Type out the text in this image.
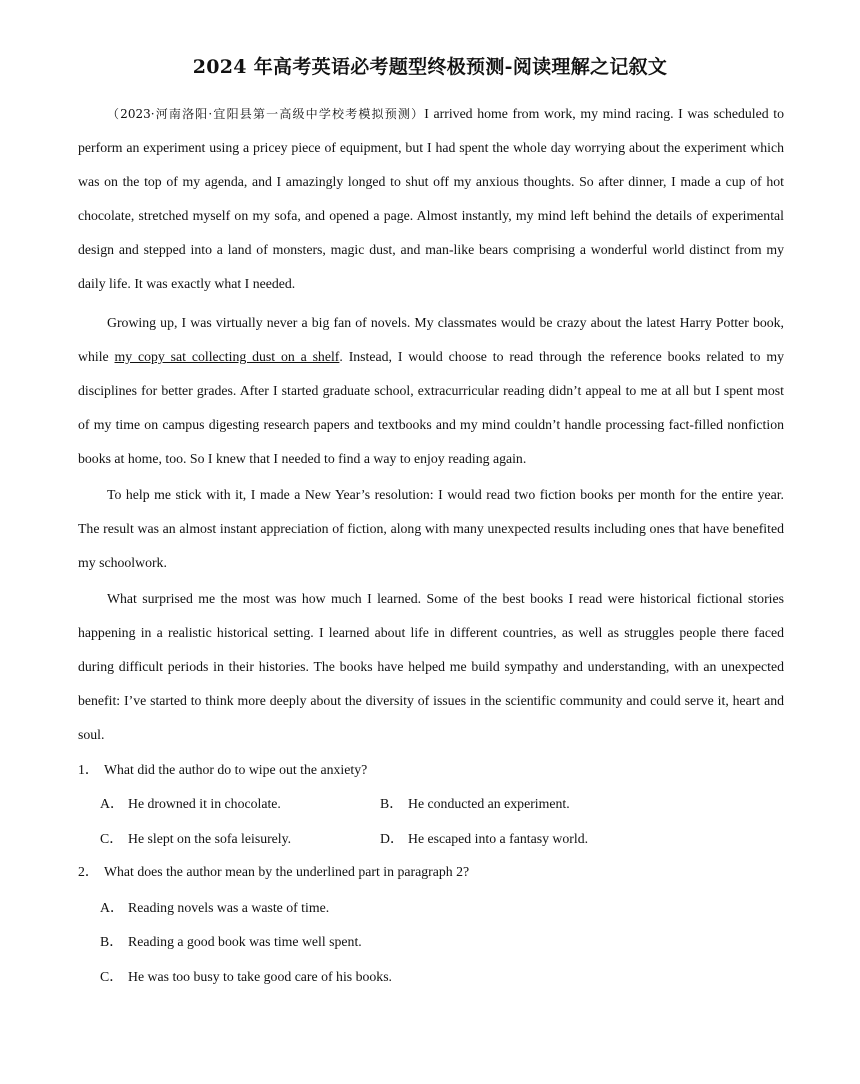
2024 年高考英语必考题型终极预测-阅读理解之记叙文

（2023·河南洛阳·宜阳县第一高级中学校考模拟预测）I arrived home from work, my mind racing. I was scheduled to perform an experiment using a pricey piece of equipment, but I had spent the whole day worrying about the experiment which was on the top of my agenda, and I amazingly longed to shut off my anxious thoughts. So after dinner, I made a cup of hot chocolate, stretched myself on my sofa, and opened a page. Almost instantly, my mind left behind the details of experimental design and stepped into a land of monsters, magic dust, and man-like bears comprising a wonderful world distinct from my daily life. It was exactly what I needed.

Growing up, I was virtually never a big fan of novels. My classmates would be crazy about the latest Harry Potter book, while my copy sat collecting dust on a shelf. Instead, I would choose to read through the reference books related to my disciplines for better grades. After I started graduate school, extracurricular reading didn’t appeal to me at all but I spent most of my time on campus digesting research papers and textbooks and my mind couldn’t handle processing fact-filled nonfiction books at home, too. So I knew that I needed to find a way to enjoy reading again.

To help me stick with it, I made a New Year’s resolution: I would read two fiction books per month for the entire year. The result was an almost instant appreciation of fiction, along with many unexpected results including ones that have benefited my schoolwork.

What surprised me the most was how much I learned. Some of the best books I read were historical fictional stories happening in a realistic historical setting. I learned about life in different countries, as well as struggles people there faced during difficult periods in their histories. The books have helped me build sympathy and understanding, with an unexpected benefit: I’ve started to think more deeply about the diversity of issues in the scientific community and could serve it, heart and soul.

1． What did the author do to wipe out the anxiety?
A． He drowned it in chocolate.	B． He conducted an experiment.
C． He slept on the sofa leisurely.	D． He escaped into a fantasy world.
2． What does the author mean by the underlined part in paragraph 2?
A． Reading novels was a waste of time.
B． Reading a good book was time well spent.
C． He was too busy to take good care of his books.
